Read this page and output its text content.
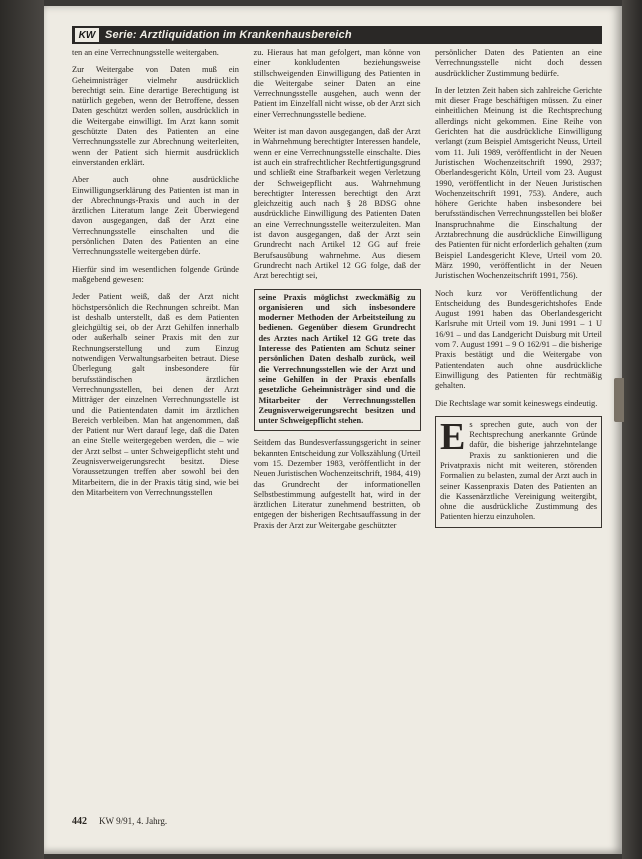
KW Serie: Arztliquidation im Krankenhausbereich

ten an eine Verrechnungsstelle weitergaben.

Zur Weitergabe von Daten muß ein Geheimnisträger vielmehr ausdrücklich berechtigt sein. Eine derartige Berechtigung ist natürlich gegeben, wenn der Betroffene, dessen Daten geschützt werden sollen, ausdrücklich in die Weitergabe einwilligt. Im Arzt kann somit geschützte Daten des Patienten an eine Verrechnungsstelle zur Abrechnung weiterleiten, wenn der Patient sich hiermit ausdrücklich einverstanden erklärt.

Aber auch ohne ausdrückliche Einwilligungserklärung des Patienten ist man in der Abrechnungs-Praxis und auch in der ärztlichen Literatum lange Zeit Überwiegend davon ausgegangen, daß der Arzt eine Verrechnungsstelle einschalten und die persönlichen Daten des Patienten an eine Verrechnungsstelle weitergeben dürfe.

Hierfür sind im wesentlichen folgende Gründe maßgebend gewesen:

Jeder Patient weiß, daß der Arzt nicht höchstpersönlich die Rechnungen schreibt. Man ist deshalb unterstellt, daß es dem Patienten gleichgültig sei, ob der Arzt Gehilfen innerhalb oder außerhalb seiner Praxis mit den zur Rechnungserstellung und zum Einzug notwendigen Verwaltungsarbeiten betraut. Diese Überlegung galt insbesondere für berufsständischen ärztlichen Verrechnungsstellen, bei denen der Arzt Mitträger der einzelnen Verrechnungsstelle ist und die Patientendaten damit im ärztlichen Bereich verbleiben. Man hat angenommen, daß der Patient nur Wert darauf lege, daß die Daten an eine Stelle weitergegeben werden, die – wie der Arzt selbst – unter Schweigepflicht steht und Zeugnisverweigerungsrecht besitzt. Diese Voraussetzungen treffen aber sowohl bei den Mitarbeitern, die in der Praxis tätig sind, wie bei den Mitarbeitern von Verrechnungsstellen

zu. Hieraus hat man gefolgert, man könne von einer konkludenten beziehungsweise stillschweigenden Einwilligung des Patienten in die Weitergabe seiner Daten an eine Verrechnungsstelle ausgehen, auch wenn der Patient im Einzelfall nicht wisse, ob der Arzt sich einer Verrechnungsstelle bediene.

Weiter ist man davon ausgegangen, daß der Arzt in Wahrnehmung berechtigter Interessen handele, wenn er eine Verrechnungsstelle einschalte. Dies ist auch ein strafrechtlicher Rechtfertigungsgrund und schließt eine Strafbarkeit wegen Verletzung der Schweigepflicht aus. Wahrnehmung berechtigter Interessen berechtigt den Arzt gleichzeitig auch nach § 28 BDSG ohne ausdrückliche Einwilligung des Patienten Daten an eine Verrechnungsstelle weiterzuleiten. Man ist davon ausgegangen, daß der Arzt sein Grundrecht nach Artikel 12 GG auf freie Berufsausübung wahrnehme. Aus diesem Grundrecht nach Artikel 12 GG folge, daß der Arzt berechtigt sei,

seine Praxis möglichst zweckmäßig zu organisieren und sich insbesondere moderner Methoden der Arbeitsteilung zu bedienen. Gegenüber diesem Grundrecht des Arztes nach Artikel 12 GG trete das Interesse des Patienten am Schutz seiner persönlichen Daten deshalb zurück, weil die Verrechnungsstellen wie der Arzt und seine Gehilfen in der Praxis ebenfalls gesetzliche Geheimnisträger sind und die Mitarbeiter der Verrechnungsstellen Zeugnisverweigerungsrecht besitzen und unter Schweigepflicht stehen.

Seitdem das Bundesverfassungsgericht in seiner bekannten Entscheidung zur Volkszählung (Urteil vom 15. Dezember 1983, veröffentlicht in der Neuen Juristischen Wochenzeitschrift, 1984, 419) das Grundrecht der informationellen Selbstbestimmung aufgestellt hat, wird in der ärztlichen Literatur zunehmend bestritten, ob entgegen der bisherigen Rechtsauffassung in der Praxis der Arzt zur Weitergabe geschützter

persönlicher Daten des Patienten an eine Verrechnungsstelle nicht doch dessen ausdrücklicher Zustimmung bedürfe.

In der letzten Zeit haben sich zahlreiche Gerichte mit dieser Frage beschäftigen müssen. Zu einer einheitlichen Meinung ist die Rechtsprechung allerdings nicht gekommen. Eine Reihe von Gerichten hat die ausdrückliche Einwilligung verlangt (zum Beispiel Amtsgericht Neuss, Urteil vom 11. Juli 1989, veröffentlicht in der Neuen Juristischen Wochenzeitschrift 1990, 2937; Oberlandesgericht Köln, Urteil vom 23. August 1990, veröffentlicht in der Neuen Juristischen Wochenzeitschrift 1991, 753). Andere, auch höhere Gerichte haben insbesondere bei berufsständischen Verrechnungsstellen bei bloßer Inanspruchnahme die Einschaltung der Arztabrechnung die ausdrückliche Einwilligung des Patienten für nicht erforderlich gehalten (zum Beispiel Landesgericht Kleve, Urteil vom 20. März 1990, veröffentlicht in der Neuen Juristischen Wochenzeitschrift 1991, 756).

Noch kurz vor Veröffentlichung der Entscheidung des Bundesgerichtshofes Ende August 1991 haben das Oberlandesgericht Karlsruhe mit Urteil vom 19. Juni 1991 – 1 U 16/91 – und das Landgericht Duisburg mit Urteil vom 7. August 1991 – 9 O 162/91 – die bisherige Praxis bestätigt und die Weitergabe von Patientendaten auch ohne ausdrückliche Einwilligung des Patienten für rechtmäßig gehalten.

Die Rechtslage war somit keineswegs eindeutig.

E s sprechen gute, auch von der Rechtsprechung anerkannte Gründe dafür, die bisherige jahrzehntelange Praxis zu sanktionieren und die Privatpraxis nicht mit weiteren, störenden Formalien zu belasten, zumal der Arzt auch in seiner Kassenpraxis Daten des Patienten an die Kassenärztliche Vereinigung weitergibt, ohne die ausdrückliche Zustimmung des Patienten hierzu einzuholen.

442 KW 9/91, 4. Jahrg.
